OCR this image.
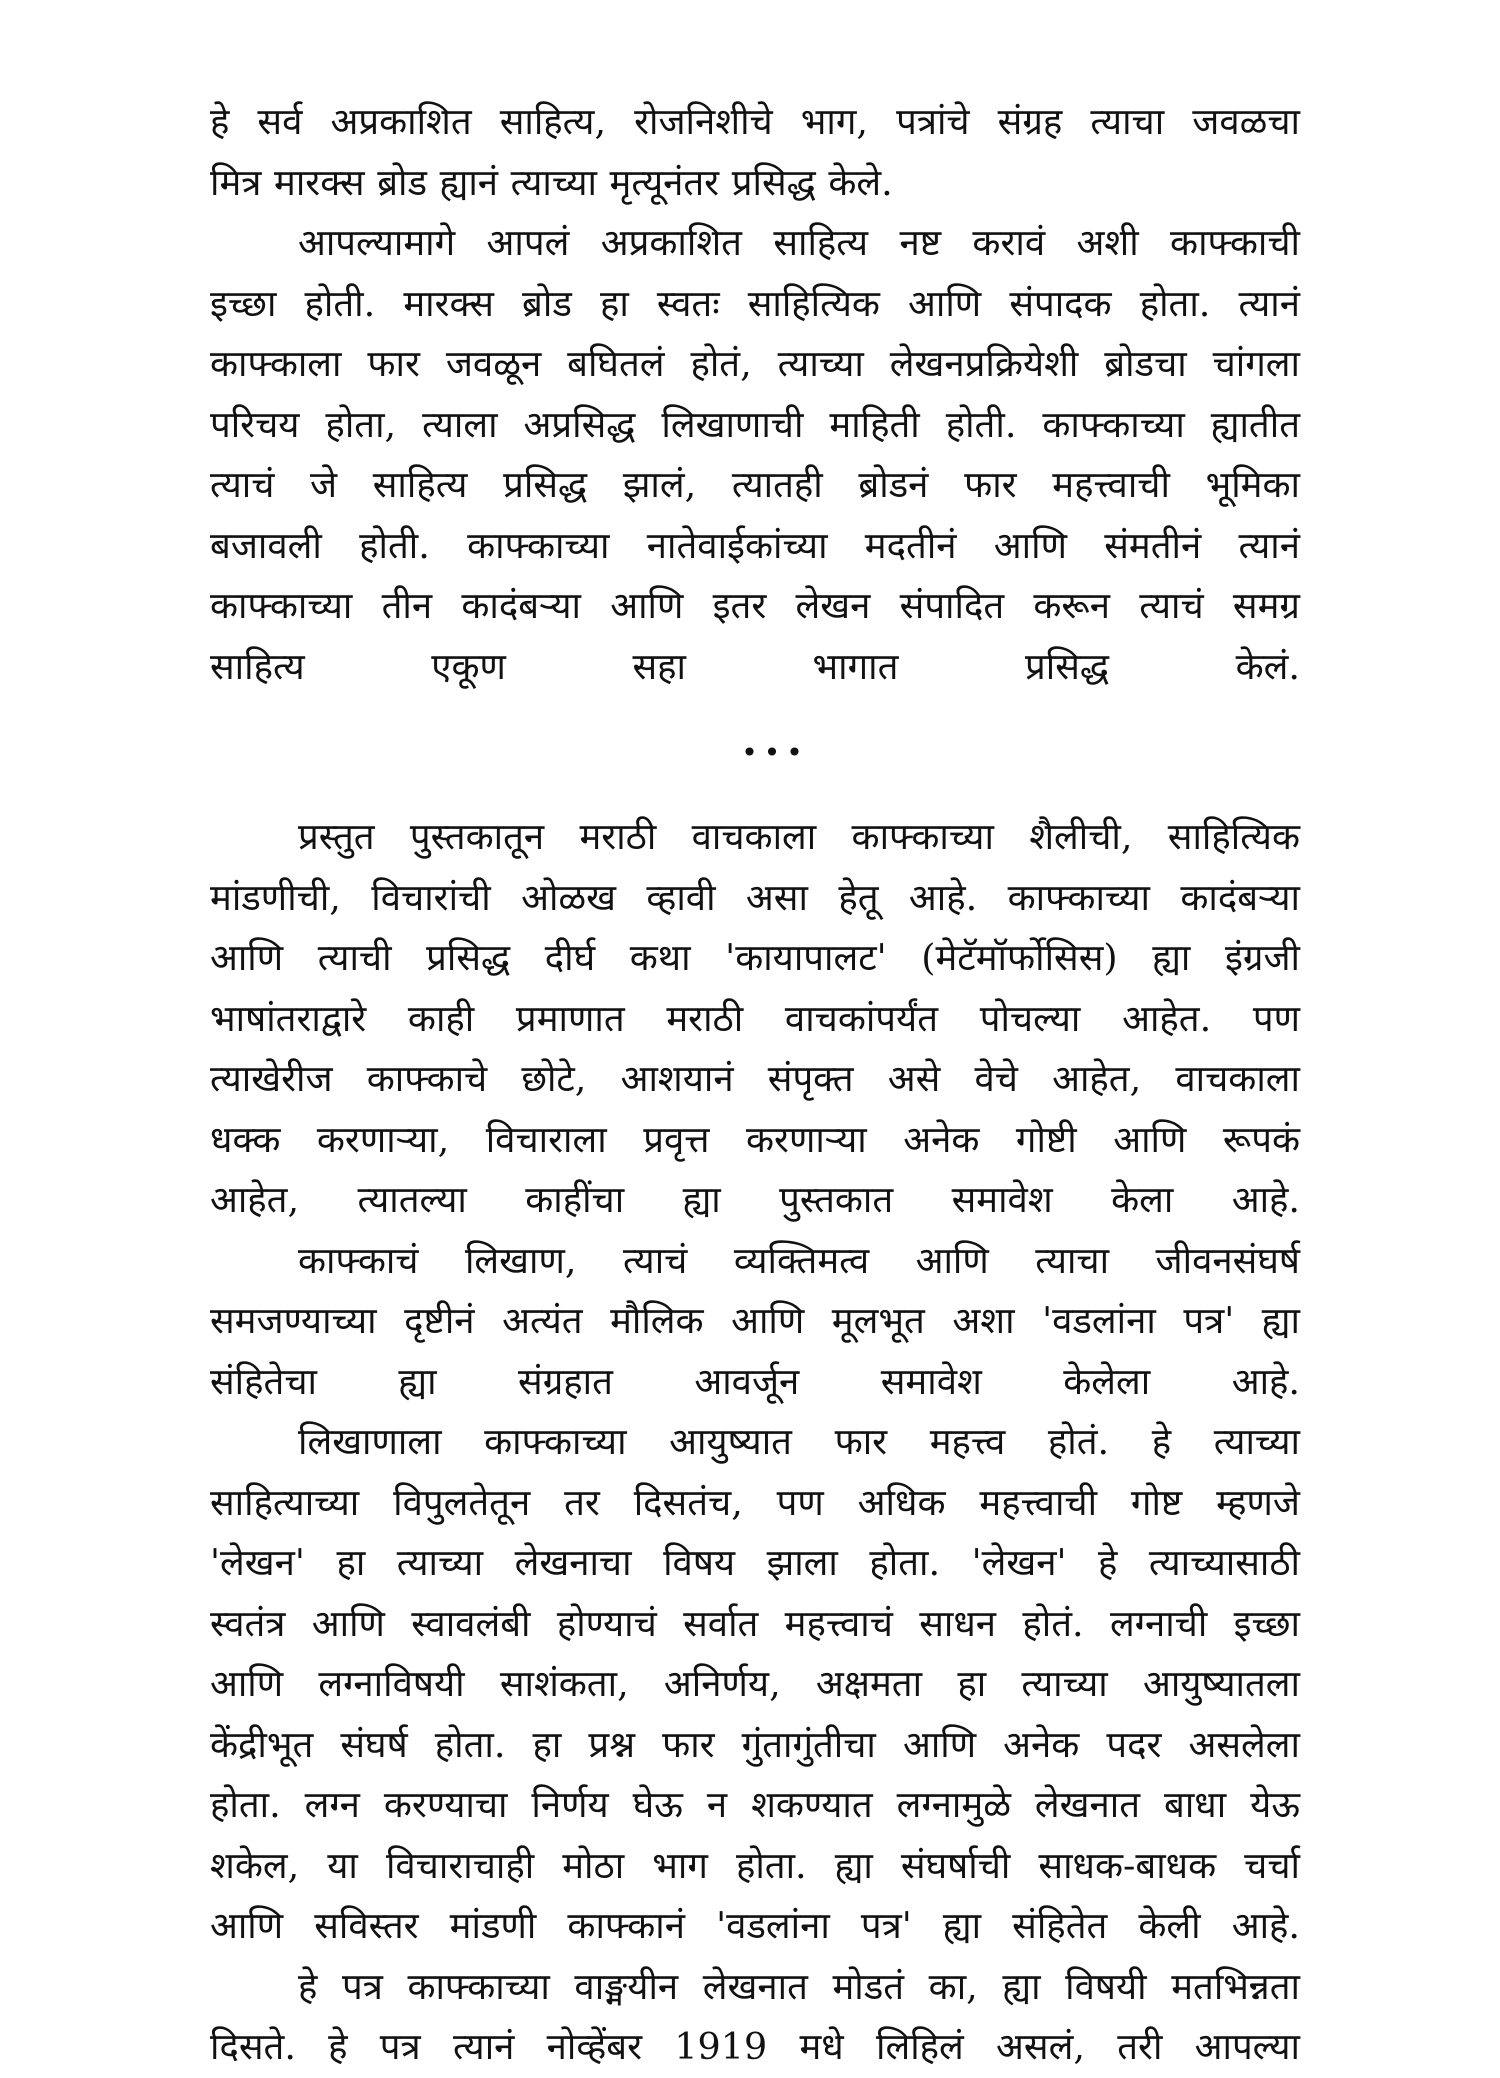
हे सर्व अप्रकाशित साहित्य, रोजनिशीचे भाग, पत्रांचे संग्रह त्याचा जवळचा
मित्र मारक्स ब्रोड ह्यानं त्याच्या मृत्यूनंतर प्रसिद्ध केले.

आपल्यामागे आपलं अप्रकाशित साहित्य नष्ट करावं अशी काफ्काची
इच्छा होती. मारक्स ब्रोड हा स्वतः साहित्यिक आणि संपादक होता. त्यानं
काफ्काला फार जवळून बघितलं होतं, त्याच्या लेखनप्रक्रियेशी ब्रोडचा चांगला
परिचय होता, त्याला अप्रसिद्ध लिखाणाची माहिती होती. काफ्काच्या ह्यातीत
त्याचं जे साहित्य प्रसिद्ध झालं, त्यातही ब्रोडनं फार महत्त्वाची भूमिका
बजावली होती. काफ्काच्या नातेवाईकांच्या मदतीनं आणि संमतीनं त्यानं
काफ्काच्या तीन कादंबऱ्या आणि इतर लेखन संपादित करून त्याचं समग्र
साहित्य एकूण सहा भागात प्रसिद्ध केलं.

•••

प्रस्तुत पुस्तकातून मराठी वाचकाला काफ्काच्या शैलीची, साहित्यिक
मांडणीची, विचारांची ओळख व्हावी असा हेतू आहे. काफ्काच्या कादंबऱ्या
आणि त्याची प्रसिद्ध दीर्घ कथा 'कायापालट' (मेटॅमॉर्फोसिस) ह्या इंग्रजी
भाषांतराद्वारे काही प्रमाणात मराठी वाचकांपर्यंत पोचल्या आहेत. पण
त्याखेरीज काफ्काचे छोटे, आशयानं संपृक्त असे वेचे आहेत, वाचकाला
धक्क करणाऱ्या, विचाराला प्रवृत्त करणाऱ्या अनेक गोष्टी आणि रूपकं
आहेत, त्यातल्या काहींचा ह्या पुस्तकात समावेश केला आहे.

काफ्काचं लिखाण, त्याचं व्यक्तिमत्व आणि त्याचा जीवनसंघर्ष
समजण्याच्या दृष्टीनं अत्यंत मौलिक आणि मूलभूत अशा 'वडलांना पत्र' ह्या
संहितेचा ह्या संग्रहात आवर्जून समावेश केलेला आहे.

लिखाणाला काफ्काच्या आयुष्यात फार महत्त्व होतं. हे त्याच्या
साहित्याच्या विपुलतेतून तर दिसतंच, पण अधिक महत्त्वाची गोष्ट म्हणजे
'लेखन' हा त्याच्या लेखनाचा विषय झाला होता. 'लेखन' हे त्याच्यासाठी
स्वतंत्र आणि स्वावलंबी होण्याचं सर्वात महत्त्वाचं साधन होतं. लग्नाची इच्छा
आणि लग्नाविषयी साशंकता, अनिर्णय, अक्षमता हा त्याच्या आयुष्यातला
केंद्रीभूत संघर्ष होता. हा प्रश्न फार गुंतागुंतीचा आणि अनेक पदर असलेला
होता. लग्न करण्याचा निर्णय घेऊ न शकण्यात लग्नामुळे लेखनात बाधा येऊ
शकेल, या विचाराचाही मोठा भाग होता. ह्या संघर्षाची साधक-बाधक चर्चा
आणि सविस्तर मांडणी काफ्कानं 'वडलांना पत्र' ह्या संहितेत केली आहे.

हे पत्र काफ्काच्या वाङ्मयीन लेखनात मोडतं का, ह्या विषयी मतभिन्नता
दिसते. हे पत्र त्यानं नोव्हेंबर 1919 मधे लिहिलं असलं, तरी आपल्या
